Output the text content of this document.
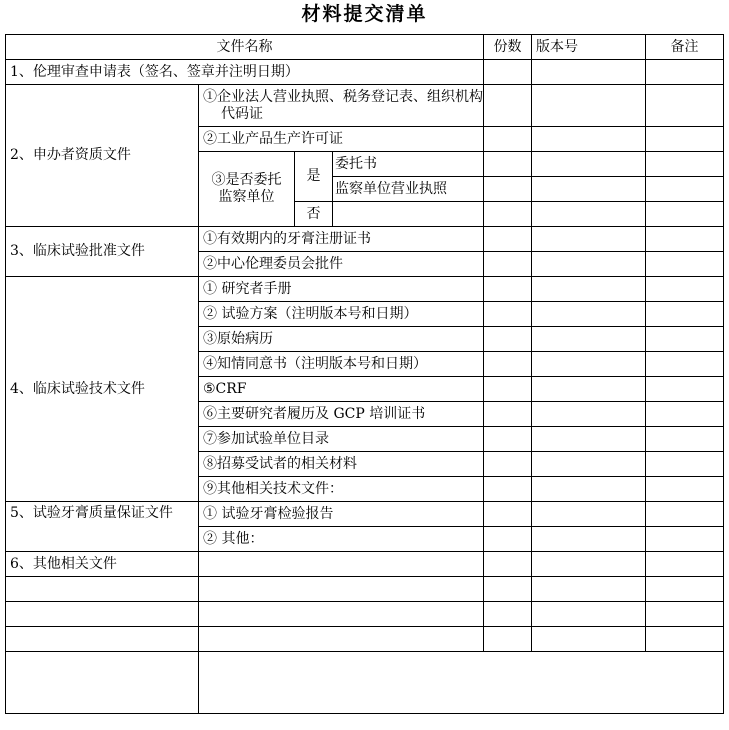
材料提交清单
文件名称				份数	版本号	备注
1、伦理审查申请表（签名、签章并注明日期）						
2、申办者资质文件	①企业法人营业执照、税务登记表、组织机构代码证					
	②工业产品生产许可证					
	③是否委托监察单位	是	委托书			
			监察单位营业执照			
		否				
3、临床试验批准文件	①有效期内的牙膏注册证书					
	②中心伦理委员会批件					
4、临床试验技术文件	① 研究者手册					
	② 试验方案（注明版本号和日期）					
	③原始病历					
	④知情同意书（注明版本号和日期）					
	⑤CRF					
	⑥主要研究者履历及 GCP 培训证书					
	⑦参加试验单位目录					
	⑧招募受试者的相关材料					
	⑨其他相关技术文件：					
5、试验牙膏质量保证文件	① 试验牙膏检验报告					
	② 其他：					
6、其他相关文件						
